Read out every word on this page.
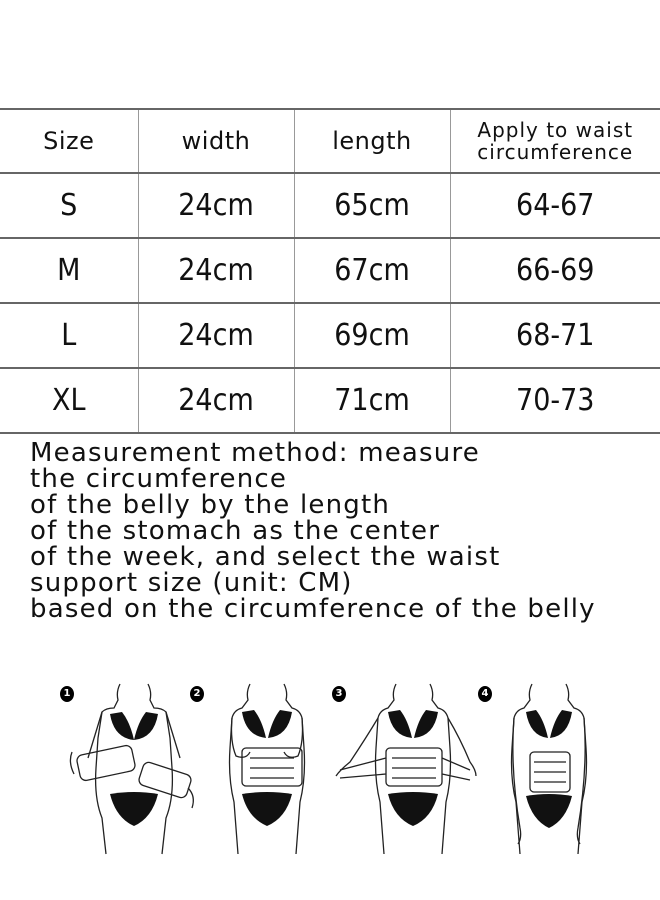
Size	width	length	Apply to waist circumference
S	24cm	65cm	64-67
M	24cm	67cm	66-69
L	24cm	69cm	68-71
XL	24cm	71cm	70-73

Measurement method: measure
the circumference
of the belly by the length
of the stomach as the center
of the week, and select the waist
support size (unit: CM)
based on the circumference of the belly

1	2	3	4
